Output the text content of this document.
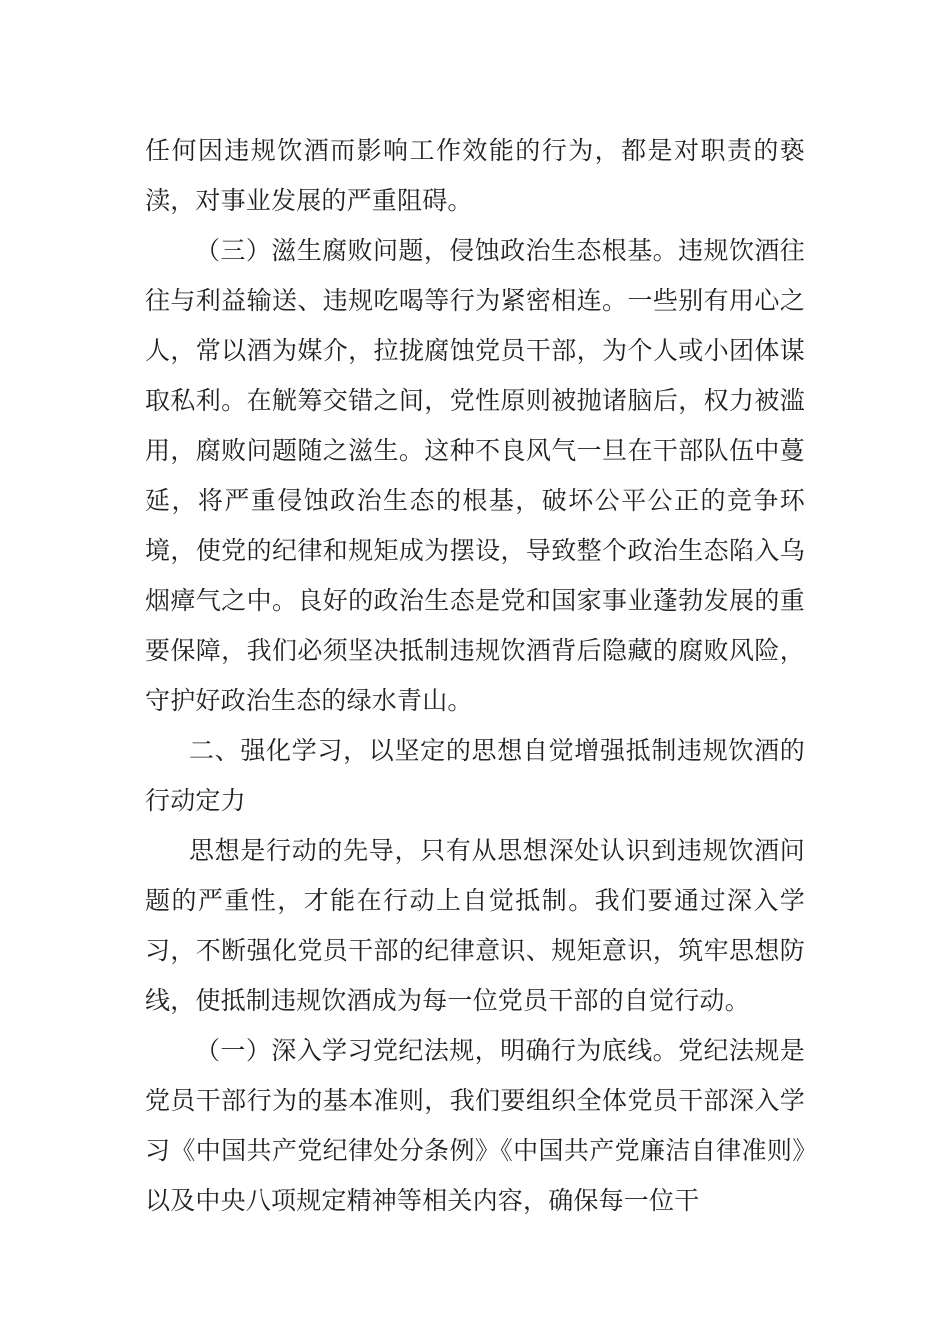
任何因违规饮酒而影响工作效能的行为，都是对职责的亵渎，对事业发展的严重阻碍。

（三）滋生腐败问题，侵蚀政治生态根基。违规饮酒往往与利益输送、违规吃喝等行为紧密相连。一些别有用心之人，常以酒为媒介，拉拢腐蚀党员干部，为个人或小团体谋取私利。在觥筹交错之间，党性原则被抛诸脑后，权力被滥用，腐败问题随之滋生。这种不良风气一旦在干部队伍中蔓延，将严重侵蚀政治生态的根基，破坏公平公正的竞争环境，使党的纪律和规矩成为摆设，导致整个政治生态陷入乌烟瘴气之中。良好的政治生态是党和国家事业蓬勃发展的重要保障，我们必须坚决抵制违规饮酒背后隐藏的腐败风险，守护好政治生态的绿水青山。

二、强化学习，以坚定的思想自觉增强抵制违规饮酒的行动定力

思想是行动的先导，只有从思想深处认识到违规饮酒问题的严重性，才能在行动上自觉抵制。我们要通过深入学习，不断强化党员干部的纪律意识、规矩意识，筑牢思想防线，使抵制违规饮酒成为每一位党员干部的自觉行动。

（一）深入学习党纪法规，明确行为底线。党纪法规是党员干部行为的基本准则，我们要组织全体党员干部深入学习《中国共产党纪律处分条例》《中国共产党廉洁自律准则》以及中央八项规定精神等相关内容，确保每一位干
